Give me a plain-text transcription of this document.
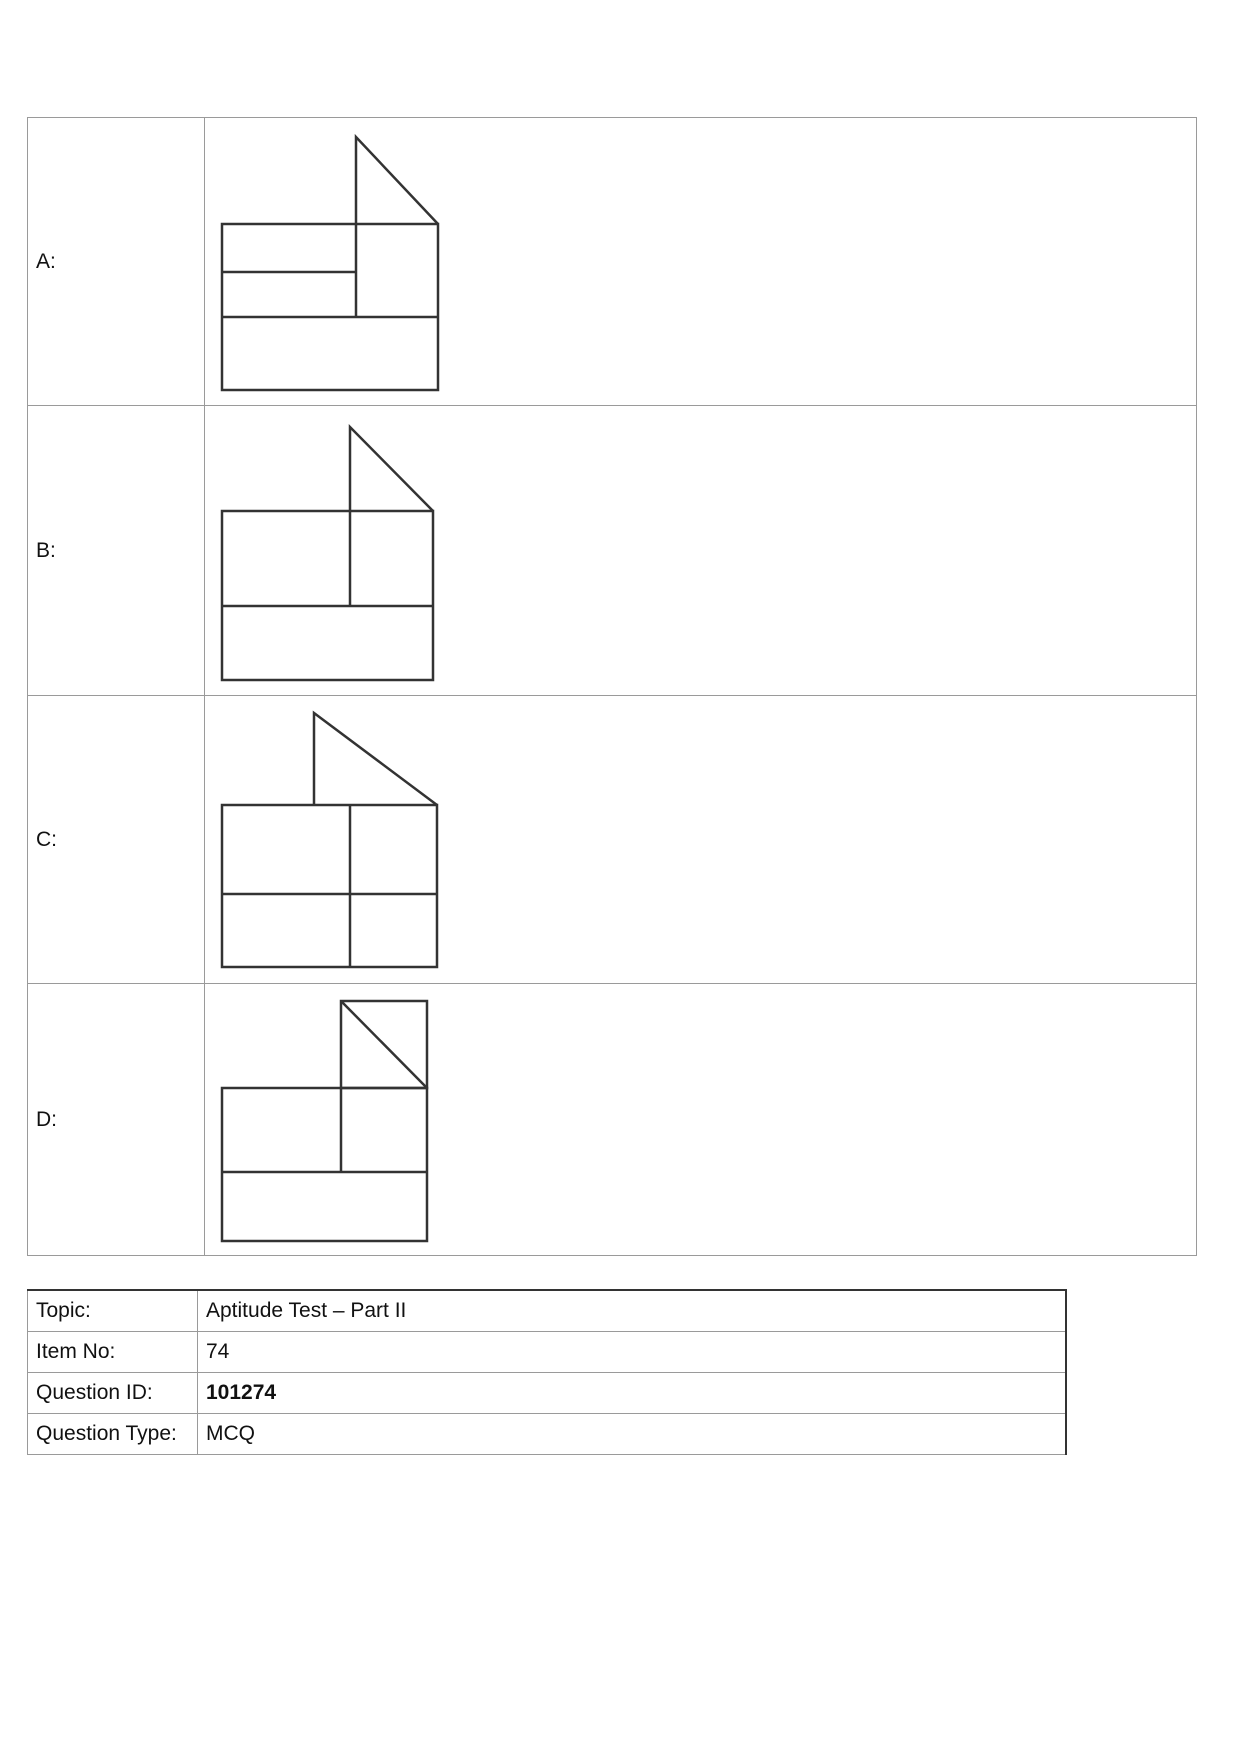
A:	

B:	

C:	

D:	
Topic:	Aptitude Test – Part II
Item No:	74
Question ID:	101274
Question Type:	MCQ
